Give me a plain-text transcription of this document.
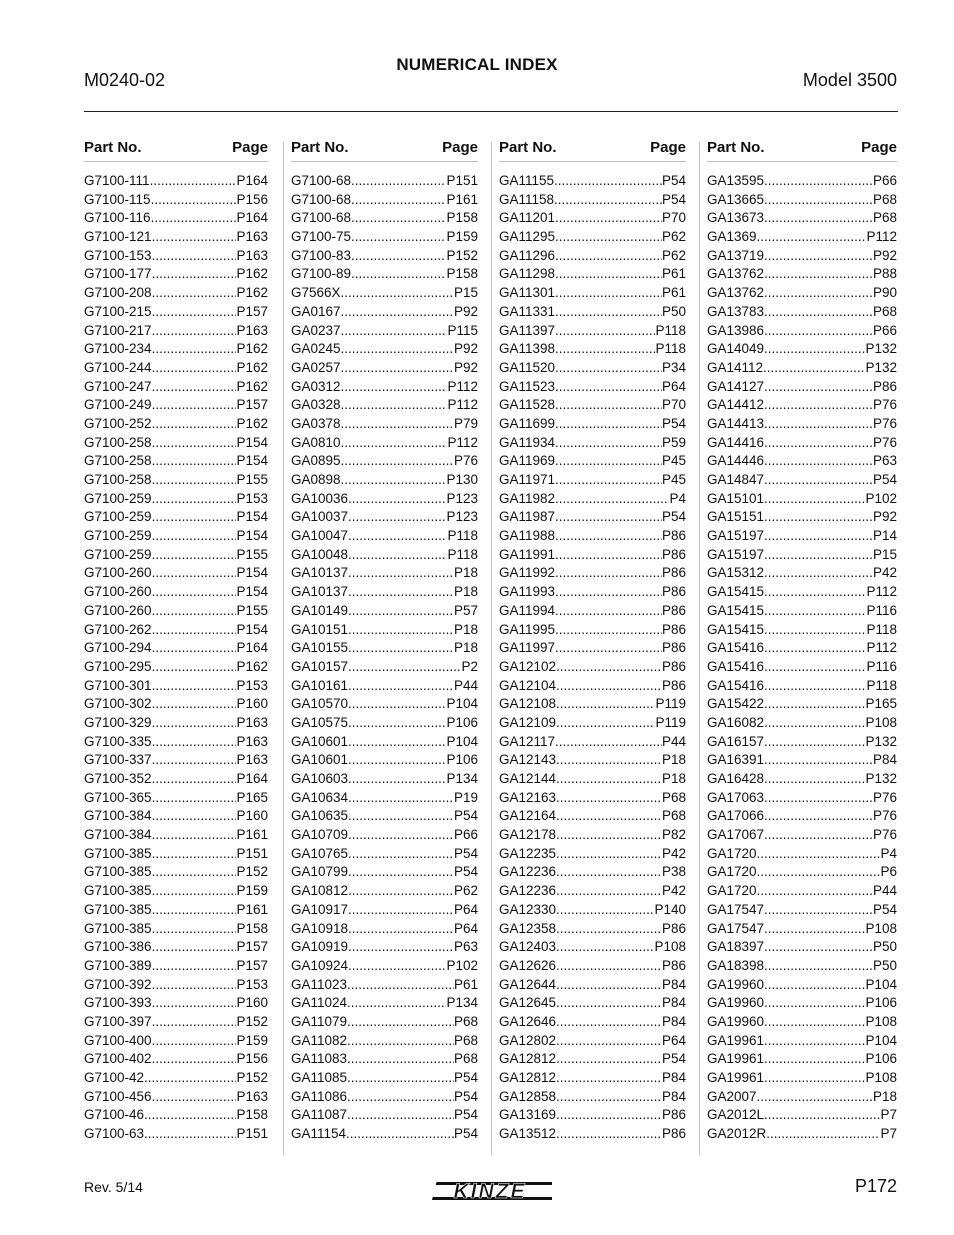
M0240-02
NUMERICAL INDEX
Model 3500
Part No.	Page
G7100-111 .....	P164
G7100-115 .....	P156
G7100-116 .....	P164
G7100-121 .....	P163
G7100-153 .....	P163
G7100-177 .....	P162
G7100-208 .....	P162
G7100-215 .....	P157
G7100-217 .....	P163
G7100-234 .....	P162
G7100-244 .....	P162
G7100-247 .....	P162
G7100-249 .....	P157
G7100-252 .....	P162
G7100-258 .....	P154
G7100-258 .....	P154
G7100-258 .....	P155
G7100-259 .....	P153
G7100-259 .....	P154
G7100-259 .....	P154
G7100-259 .....	P155
G7100-260 .....	P154
G7100-260 .....	P154
G7100-260 .....	P155
G7100-262 .....	P154
G7100-294 .....	P164
G7100-295 .....	P162
G7100-301 .....	P153
G7100-302 .....	P160
G7100-329 .....	P163
G7100-335 .....	P163
G7100-337 .....	P163
G7100-352 .....	P164
G7100-365 .....	P165
G7100-384 .....	P160
G7100-384 .....	P161
G7100-385 .....	P151
G7100-385 .....	P152
G7100-385 .....	P159
G7100-385 .....	P161
G7100-385 .....	P158
G7100-386 .....	P157
G7100-389 .....	P157
G7100-392 .....	P153
G7100-393 .....	P160
G7100-397 .....	P152
G7100-400 .....	P159
G7100-402 .....	P156
G7100-42 .....	P152
G7100-456 .....	P163
G7100-46 .....	P158
G7100-63 .....	P151
Part No.	Page
G7100-68 .....	P151
G7100-68 .....	P161
G7100-68 .....	P158
G7100-75 .....	P159
G7100-83 .....	P152
G7100-89 .....	P158
G7566X .....	P15
GA0167 .....	P92
GA0237 .....	P115
GA0245 .....	P92
GA0257 .....	P92
GA0312 .....	P112
GA0328 .....	P112
GA0378 .....	P79
GA0810 .....	P112
GA0895 .....	P76
GA0898 .....	P130
GA10036 .....	P123
GA10037 .....	P123
GA10047 .....	P118
GA10048 .....	P118
GA10137 .....	P18
GA10137 .....	P18
GA10149 .....	P57
GA10151 .....	P18
GA10155 .....	P18
GA10157 .....	P2
GA10161 .....	P44
GA10570 .....	P104
GA10575 .....	P106
GA10601 .....	P104
GA10601 .....	P106
GA10603 .....	P134
GA10634 .....	P19
GA10635 .....	P54
GA10709 .....	P66
GA10765 .....	P54
GA10799 .....	P54
GA10812 .....	P62
GA10917 .....	P64
GA10918 .....	P64
GA10919 .....	P63
GA10924 .....	P102
GA11023 .....	P61
GA11024 .....	P134
GA11079 .....	P68
GA11082 .....	P68
GA11083 .....	P68
GA11085 .....	P54
GA11086 .....	P54
GA11087 .....	P54
GA11154 .....	P54
Part No.	Page
GA11155 .....	P54
GA11158 .....	P54
GA11201 .....	P70
GA11295 .....	P62
GA11296 .....	P62
GA11298 .....	P61
GA11301 .....	P61
GA11331 .....	P50
GA11397 .....	P118
GA11398 .....	P118
GA11520 .....	P34
GA11523 .....	P64
GA11528 .....	P70
GA11699 .....	P54
GA11934 .....	P59
GA11969 .....	P45
GA11971 .....	P45
GA11982 .....	P4
GA11987 .....	P54
GA11988 .....	P86
GA11991 .....	P86
GA11992 .....	P86
GA11993 .....	P86
GA11994 .....	P86
GA11995 .....	P86
GA11997 .....	P86
GA12102 .....	P86
GA12104 .....	P86
GA12108 .....	P119
GA12109 .....	P119
GA12117 .....	P44
GA12143 .....	P18
GA12144 .....	P18
GA12163 .....	P68
GA12164 .....	P68
GA12178 .....	P82
GA12235 .....	P42
GA12236 .....	P38
GA12236 .....	P42
GA12330 .....	P140
GA12358 .....	P86
GA12403 .....	P108
GA12626 .....	P86
GA12644 .....	P84
GA12645 .....	P84
GA12646 .....	P84
GA12802 .....	P64
GA12812 .....	P54
GA12812 .....	P84
GA12858 .....	P84
GA13169 .....	P86
GA13512 .....	P86
Part No.	Page
GA13595 .....	P66
GA13665 .....	P68
GA13673 .....	P68
GA1369 .....	P112
GA13719 .....	P92
GA13762 .....	P88
GA13762 .....	P90
GA13783 .....	P68
GA13986 .....	P66
GA14049 .....	P132
GA14112 .....	P132
GA14127 .....	P86
GA14412 .....	P76
GA14413 .....	P76
GA14416 .....	P76
GA14446 .....	P63
GA14847 .....	P54
GA15101 .....	P102
GA15151 .....	P92
GA15197 .....	P14
GA15197 .....	P15
GA15312 .....	P42
GA15415 .....	P112
GA15415 .....	P116
GA15415 .....	P118
GA15416 .....	P112
GA15416 .....	P116
GA15416 .....	P118
GA15422 .....	P165
GA16082 .....	P108
GA16157 .....	P132
GA16391 .....	P84
GA16428 .....	P132
GA17063 .....	P76
GA17066 .....	P76
GA17067 .....	P76
GA1720 .....	P4
GA1720 .....	P6
GA1720 .....	P44
GA17547 .....	P54
GA17547 .....	P108
GA18397 .....	P50
GA18398 .....	P50
GA19960 .....	P104
GA19960 .....	P106
GA19960 .....	P108
GA19961 .....	P104
GA19961 .....	P106
GA19961 .....	P108
GA2007 .....	P18
GA2012L .....	P7
GA2012R .....	P7
Rev. 5/14	KINZE	P172
